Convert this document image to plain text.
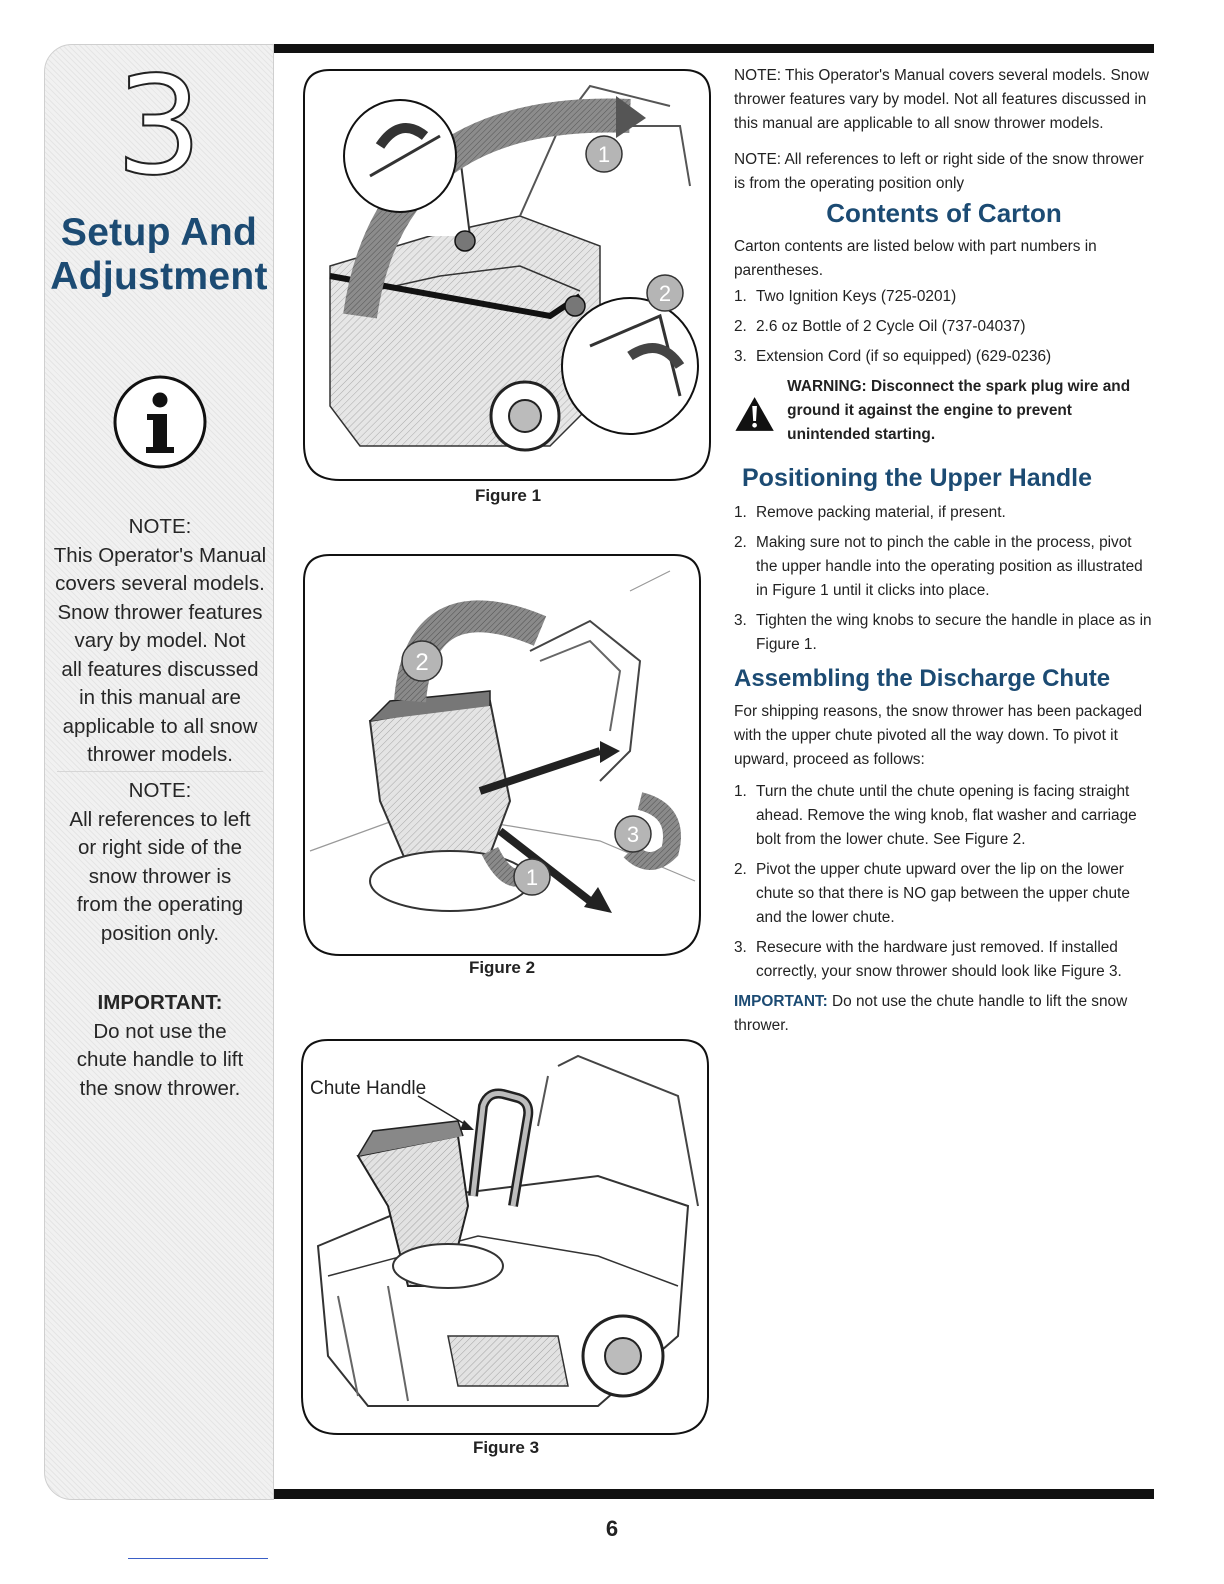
3
Setup And
Adjustment
NOTE:
This Operator's Manual
covers several models.
Snow thrower features
vary by model. Not
all features discussed
in this manual are
applicable to all snow
thrower models.
NOTE:
All references to left
or right side of the
snow thrower is
from the operating
position only.
IMPORTANT:
Do not use the
chute handle to lift
the snow thrower.
1
2
Figure 1
2
3
1
Figure 2
Chute Handle
Figure 3

NOTE: This Operator's Manual covers several models. Snow thrower features vary by model. Not all features discussed in this manual are applicable to all snow thrower models.

NOTE: All references to left or right side of the snow thrower is from the operating position only

Contents of Carton

Carton contents are listed below with part numbers in parentheses.

1. Two Ignition Keys (725-0201)
2. 2.6 oz Bottle of 2 Cycle Oil (737-04037)
3. Extension Cord (if so equipped) (629-0236)
WARNING: Disconnect the spark plug wire and ground it against the engine to prevent unintended starting.
Positioning the Upper Handle
1. Remove packing material, if present.
2. Making sure not to pinch the cable in the process, pivot the upper handle into the operating position as illustrated in Figure 1 until it clicks into place.
3. Tighten the wing knobs to secure the handle in place as in Figure 1.
Assembling the Discharge Chute

For shipping reasons, the snow thrower has been packaged with the upper chute pivoted all the way down. To pivot it upward, proceed as follows:

1. Turn the chute until the chute opening is facing straight ahead. Remove the wing knob, flat washer and carriage bolt from the lower chute. See Figure 2.
2. Pivot the upper chute upward over the lip on the lower chute so that there is NO gap between the upper chute and the lower chute.
3. Resecure with the hardware just removed. If installed correctly, your snow thrower should look like Figure 3.

IMPORTANT: Do not use the chute handle to lift the snow thrower.

6
